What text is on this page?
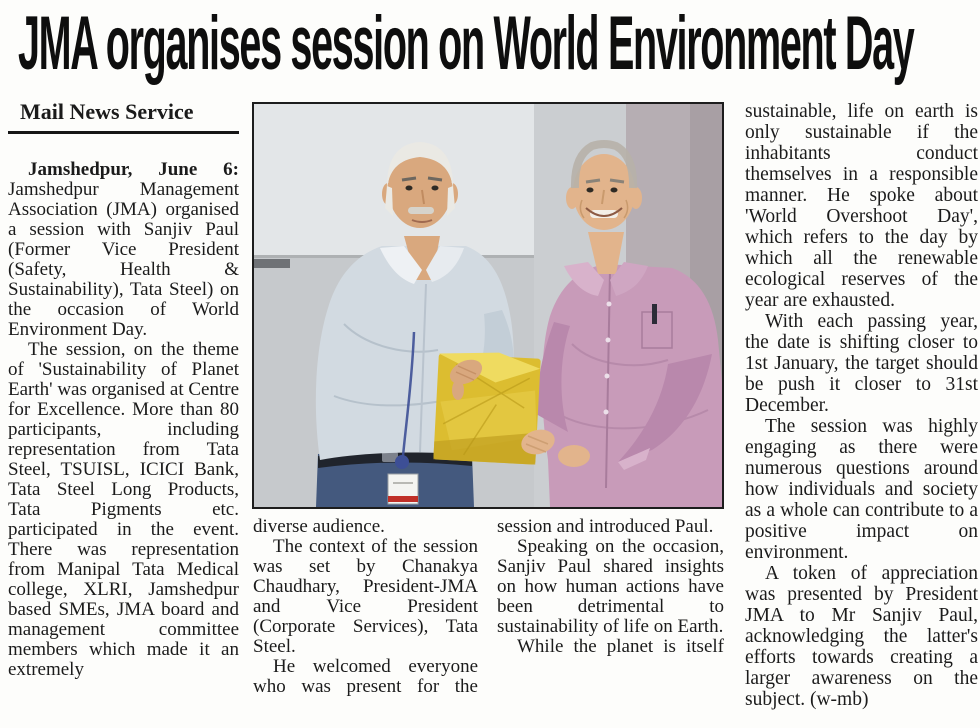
JMA organises session on World Environment Day
Mail News Service

Jamshedpur, June 6: Jamshedpur Management Association (JMA) organised a session with Sanjiv Paul (Former Vice President (Safety, Health & Sustainability), Tata Steel) on the occasion of World Environment Day.

The session, on the theme of 'Sustainability of Planet Earth' was organised at Centre for Excellence. More than 80 participants, including representation from Tata Steel, TSUISL, ICICI Bank, Tata Steel Long Products, Tata Pigments etc. participated in the event. There was representation from Manipal Tata Medical college, XLRI, Jamshedpur based SMEs, JMA board and management committee members which made it an extremely

diverse audience.

The context of the session was set by Chanakya Chaudhary, President-JMA and Vice President (Corporate Services), Tata Steel.

He welcomed everyone who was present for the

session and introduced Paul.

Speaking on the occasion, Sanjiv Paul shared insights on how human actions have been detrimental to sustainability of life on Earth.

While the planet is itself

sustainable, life on earth is only sustainable if the inhabitants conduct themselves in a responsible manner. He spoke about 'World Overshoot Day', which refers to the day by which all the renewable ecological reserves of the year are exhausted.

With each passing year, the date is shifting closer to 1st January, the target should be push it closer to 31st December.

The session was highly engaging as there were numerous questions around how individuals and society as a whole can contribute to a positive impact on environment.

A token of appreciation was presented by President JMA to Mr Sanjiv Paul, acknowledging the latter's efforts towards creating a larger awareness on the subject. (w-mb)
